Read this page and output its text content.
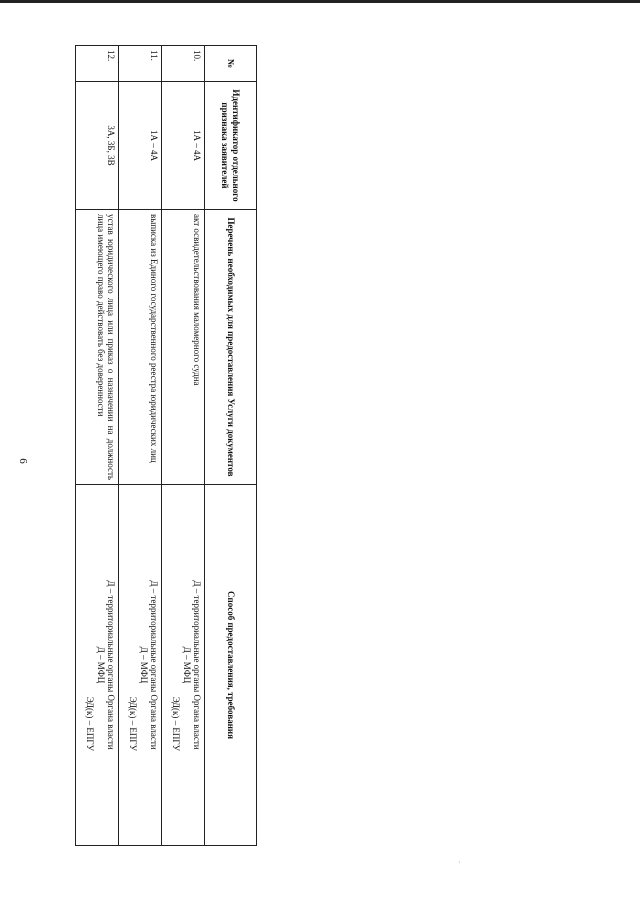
6
№	Идентификатор отдельного признака заявителей	Перечень необходимых для предоставления Услуги документов	Способ предоставления, требования
10.	1А – 4А	акт освидетельствования маломерного судна	Д – территориальные органы Органа власти
Д – МФЦ
ЭД(к) – ЕПГУ

11.	1А – 4А	выписка из Единого государственного реестра юридических лиц	Д – территориальные органы Органа власти
Д – МФЦ
ЭД(к) – ЕПГУ

12.	3А, 3Б, 3В	устав юридического лица или приказ о назначении на должность лица имеющего право действовать без доверенности	Д – территориальные органы Органа власти
Д – МФЦ
ЭД(к) – ЕПГУ
·
